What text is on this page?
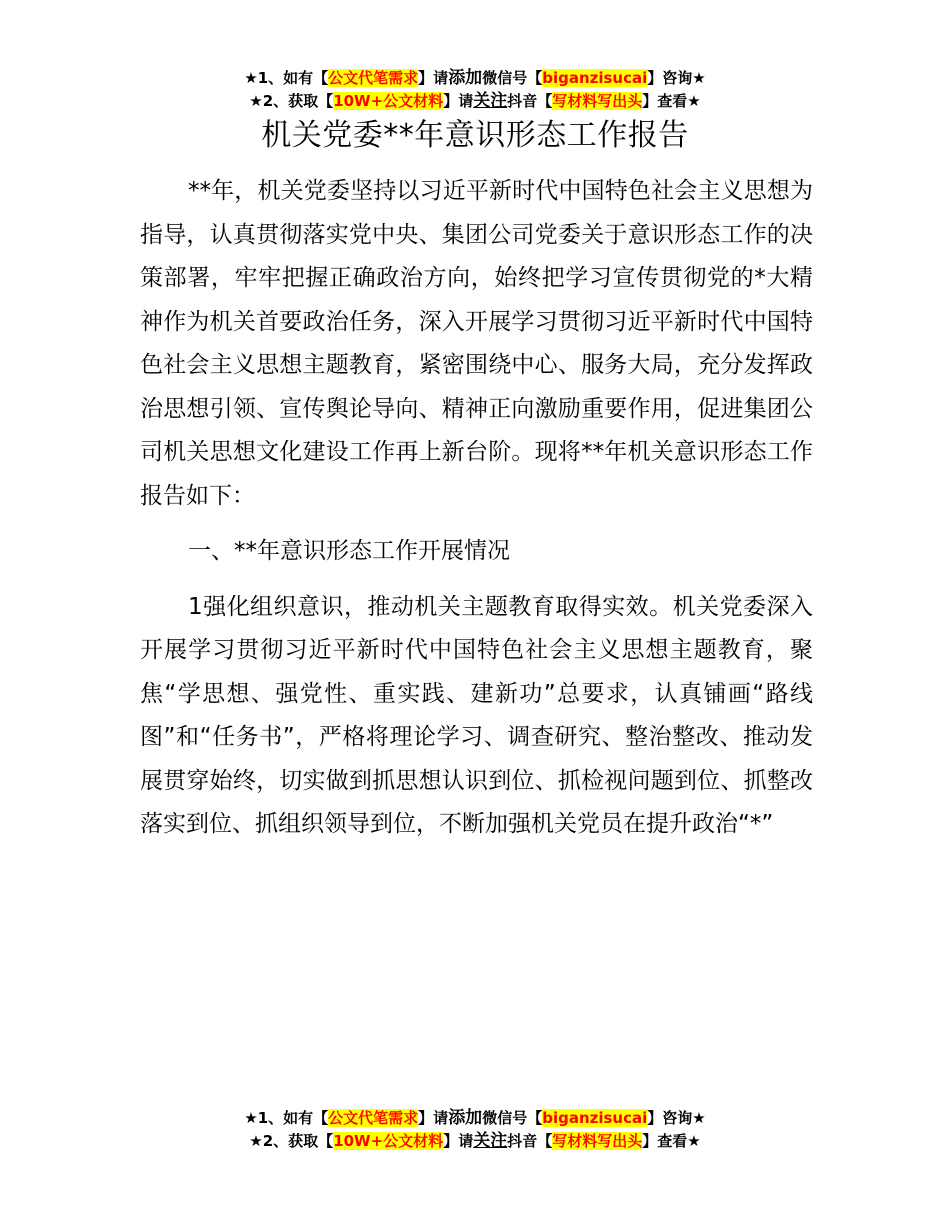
★1、如有【公文代笔需求】请添加微信号【biganzisucai】咨询★
★2、获取【10W+公文材料】请关注抖音【写材料写出头】查看★
机关党委**年意识形态工作报告

**年，机关党委坚持以习近平新时代中国特色社会主义思想为指导，认真贯彻落实党中央、集团公司党委关于意识形态工作的决策部署，牢牢把握正确政治方向，始终把学习宣传贯彻党的*大精神作为机关首要政治任务，深入开展学习贯彻习近平新时代中国特色社会主义思想主题教育，紧密围绕中心、服务大局，充分发挥政治思想引领、宣传舆论导向、精神正向激励重要作用，促进集团公司机关思想文化建设工作再上新台阶。现将**年机关意识形态工作报告如下：

一、**年意识形态工作开展情况

1强化组织意识，推动机关主题教育取得实效。机关党委深入开展学习贯彻习近平新时代中国特色社会主义思想主题教育，聚焦“学思想、强党性、重实践、建新功”总要求，认真铺画“路线图”和“任务书”，严格将理论学习、调查研究、整治整改、推动发展贯穿始终，切实做到抓思想认识到位、抓检视问题到位、抓整改落实到位、抓组织领导到位，不断加强机关党员在提升政治“*”

★1、如有【公文代笔需求】请添加微信号【biganzisucai】咨询★
★2、获取【10W+公文材料】请关注抖音【写材料写出头】查看★
